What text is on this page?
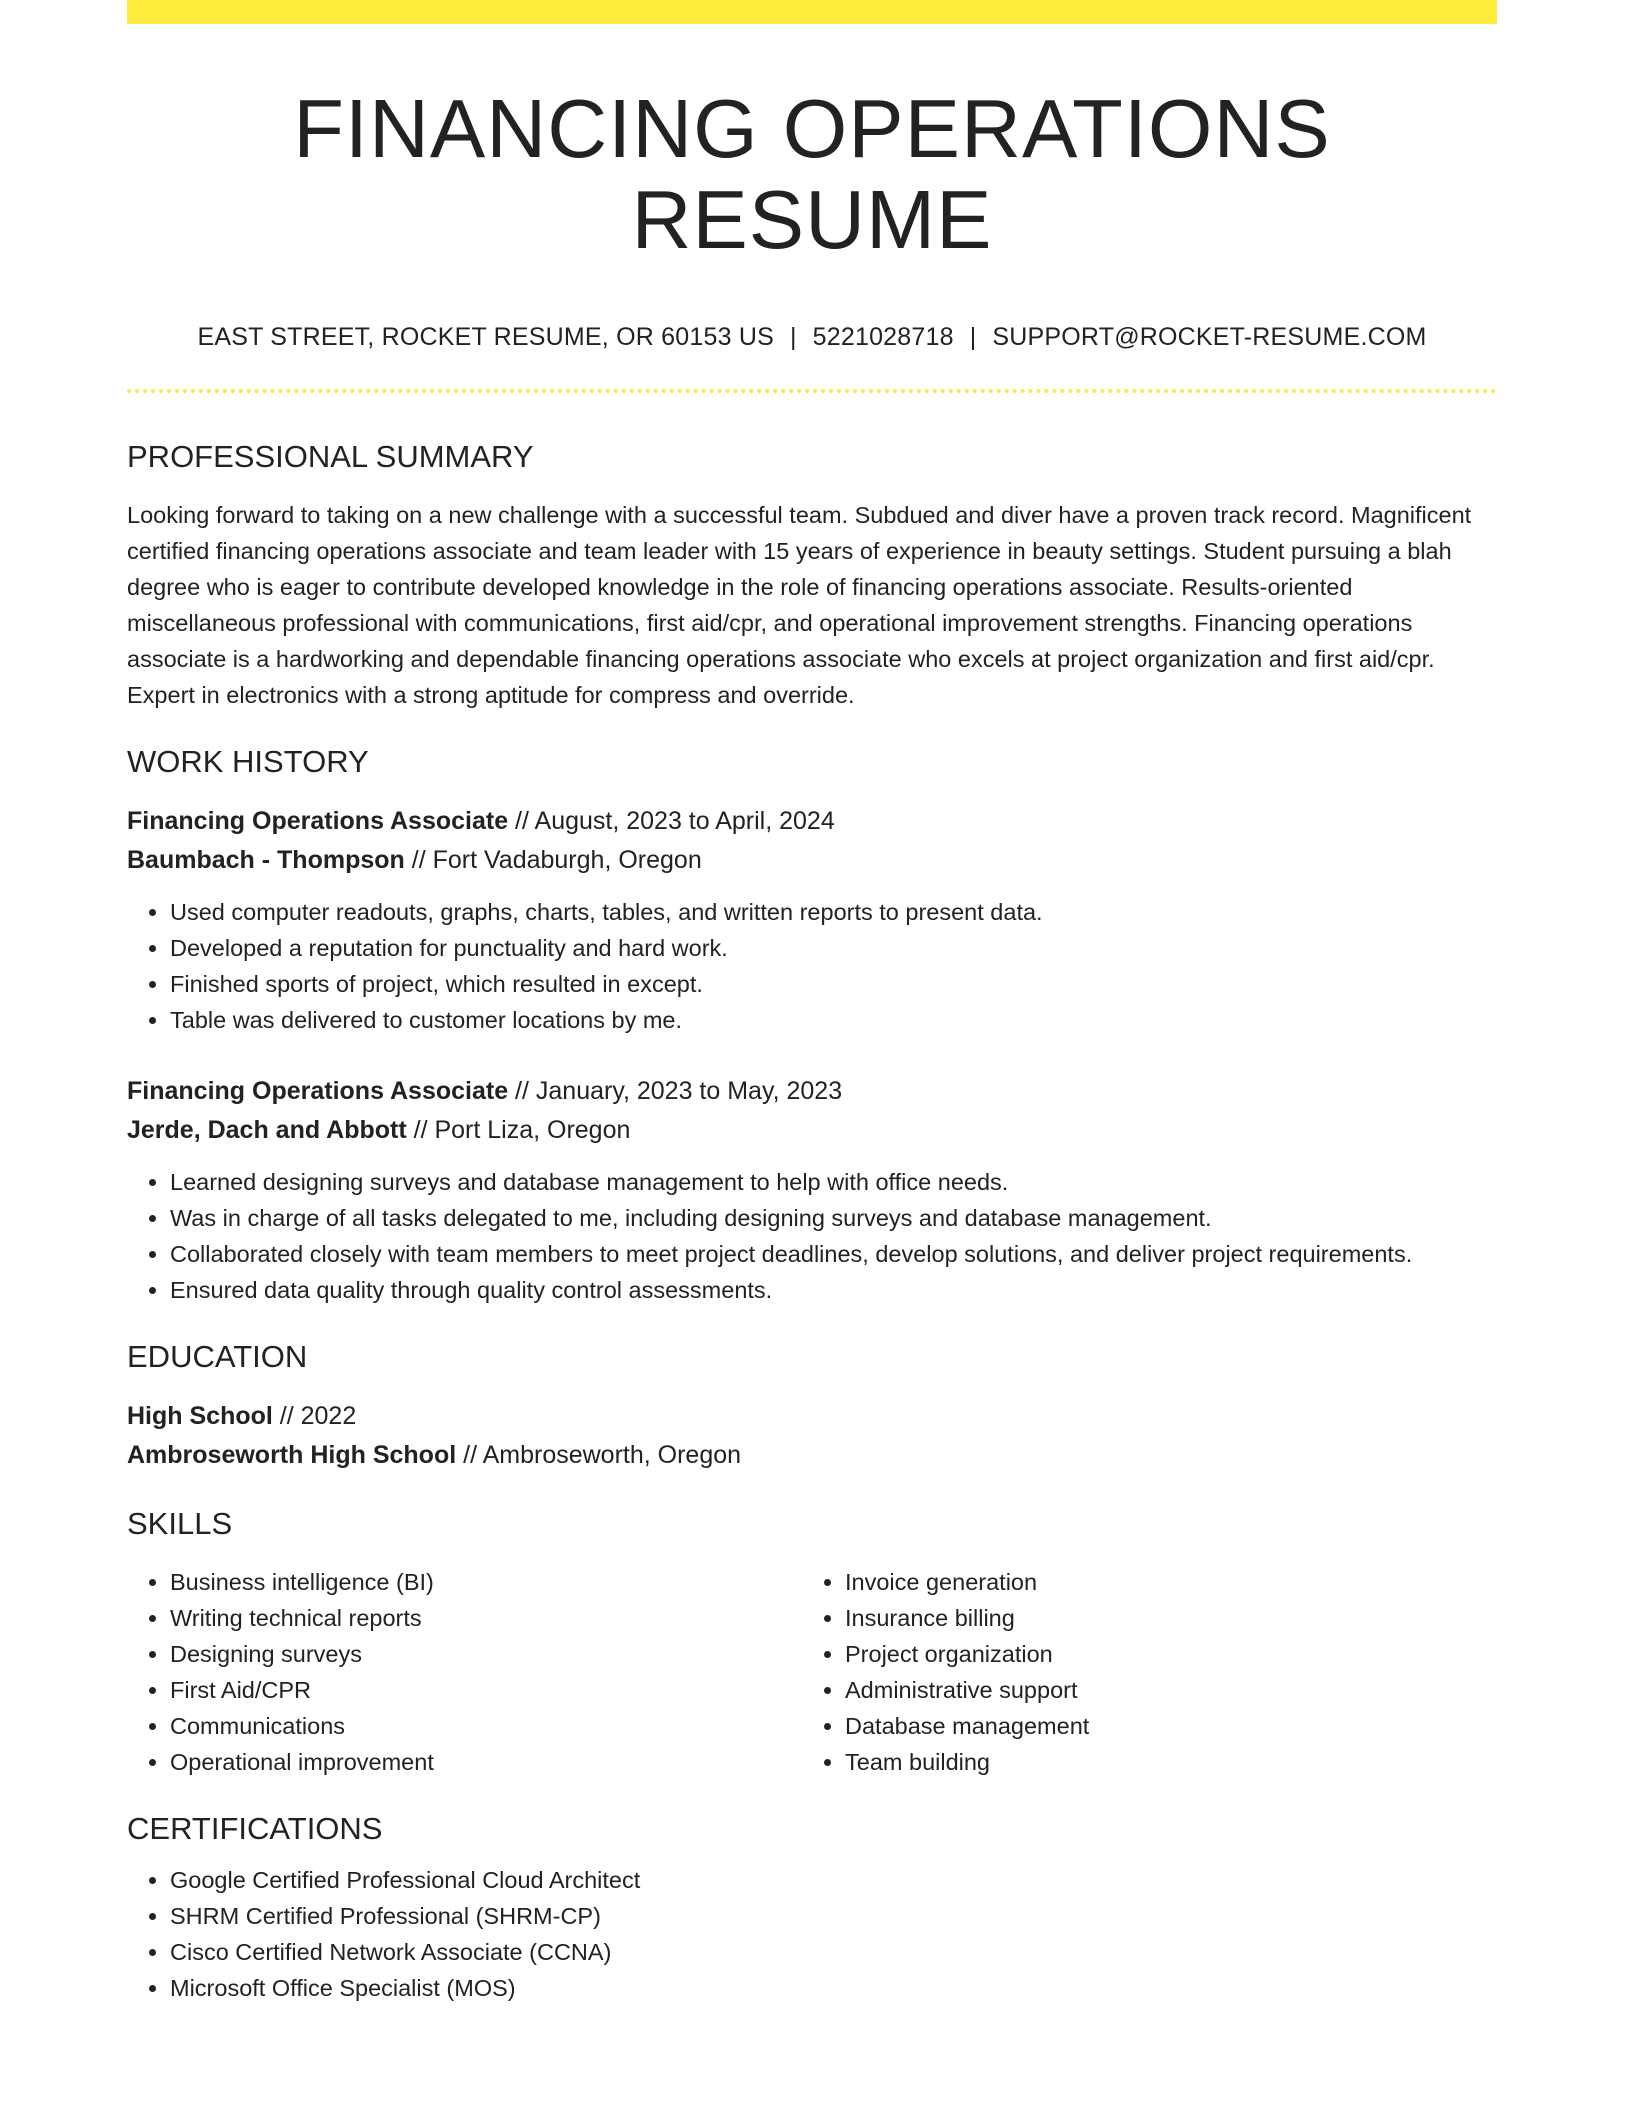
FINANCING OPERATIONS RESUME
EAST STREET, ROCKET RESUME, OR 60153 US | 5221028718 | SUPPORT@ROCKET-RESUME.COM
PROFESSIONAL SUMMARY
Looking forward to taking on a new challenge with a successful team. Subdued and diver have a proven track record. Magnificent certified financing operations associate and team leader with 15 years of experience in beauty settings. Student pursuing a blah degree who is eager to contribute developed knowledge in the role of financing operations associate. Results-oriented miscellaneous professional with communications, first aid/cpr, and operational improvement strengths. Financing operations associate is a hardworking and dependable financing operations associate who excels at project organization and first aid/cpr. Expert in electronics with a strong aptitude for compress and override.
WORK HISTORY
Financing Operations Associate // August, 2023 to April, 2024
Baumbach - Thompson // Fort Vadaburgh, Oregon
• Used computer readouts, graphs, charts, tables, and written reports to present data.
• Developed a reputation for punctuality and hard work.
• Finished sports of project, which resulted in except.
• Table was delivered to customer locations by me.
Financing Operations Associate // January, 2023 to May, 2023
Jerde, Dach and Abbott // Port Liza, Oregon
• Learned designing surveys and database management to help with office needs.
• Was in charge of all tasks delegated to me, including designing surveys and database management.
• Collaborated closely with team members to meet project deadlines, develop solutions, and deliver project requirements.
• Ensured data quality through quality control assessments.
EDUCATION
High School // 2022
Ambroseworth High School // Ambroseworth, Oregon
SKILLS
• Business intelligence (BI)
• Writing technical reports
• Designing surveys
• First Aid/CPR
• Communications
• Operational improvement
• Invoice generation
• Insurance billing
• Project organization
• Administrative support
• Database management
• Team building
CERTIFICATIONS
• Google Certified Professional Cloud Architect
• SHRM Certified Professional (SHRM-CP)
• Cisco Certified Network Associate (CCNA)
• Microsoft Office Specialist (MOS)
